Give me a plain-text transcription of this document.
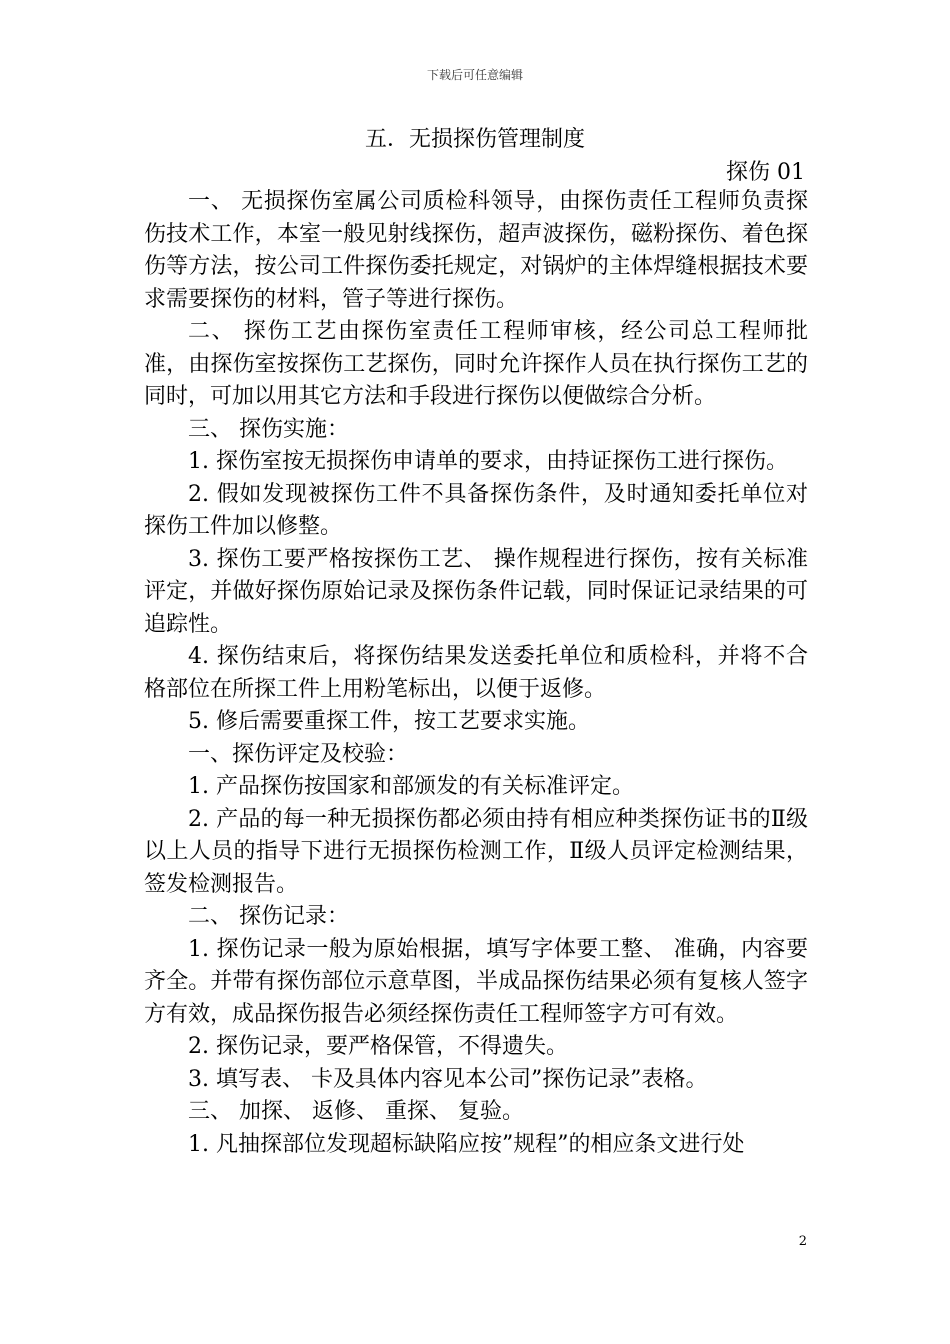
下载后可任意编辑
五．无损探伤管理制度
探伤 01

一、 无损探伤室属公司质检科领导，由探伤责任工程师负责探伤技术工作，本室一般见射线探伤，超声波探伤，磁粉探伤、着色探伤等方法，按公司工件探伤委托规定，对锅炉的主体焊缝根据技术要求需要探伤的材料，管子等进行探伤。

二、 探伤工艺由探伤室责任工程师审核，经公司总工程师批准，由探伤室按探伤工艺探伤，同时允许探作人员在执行探伤工艺的同时，可加以用其它方法和手段进行探伤以便做综合分析。

三、 探伤实施：

1. 探伤室按无损探伤申请单的要求，由持证探伤工进行探伤。

2. 假如发现被探伤工件不具备探伤条件，及时通知委托单位对探伤工件加以修整。

3. 探伤工要严格按探伤工艺、 操作规程进行探伤，按有关标准评定，并做好探伤原始记录及探伤条件记载，同时保证记录结果的可追踪性。

4. 探伤结束后，将探伤结果发送委托单位和质检科，并将不合格部位在所探工件上用粉笔标出，以便于返修。

5. 修后需要重探工件，按工艺要求实施。

一、探伤评定及校验：

1. 产品探伤按国家和部颁发的有关标准评定。

2. 产品的每一种无损探伤都必须由持有相应种类探伤证书的Ⅱ级以上人员的指导下进行无损探伤检测工作，Ⅱ级人员评定检测结果，签发检测报告。

二、 探伤记录：

1. 探伤记录一般为原始根据，填写字体要工整、 准确，内容要齐全。并带有探伤部位示意草图，半成品探伤结果必须有复核人签字方有效，成品探伤报告必须经探伤责任工程师签字方可有效。

2. 探伤记录，要严格保管，不得遗失。

3. 填写表、 卡及具体内容见本公司”探伤记录”表格。

三、 加探、 返修、 重探、 复验。

1. 凡抽探部位发现超标缺陷应按”规程”的相应条文进行处

2
